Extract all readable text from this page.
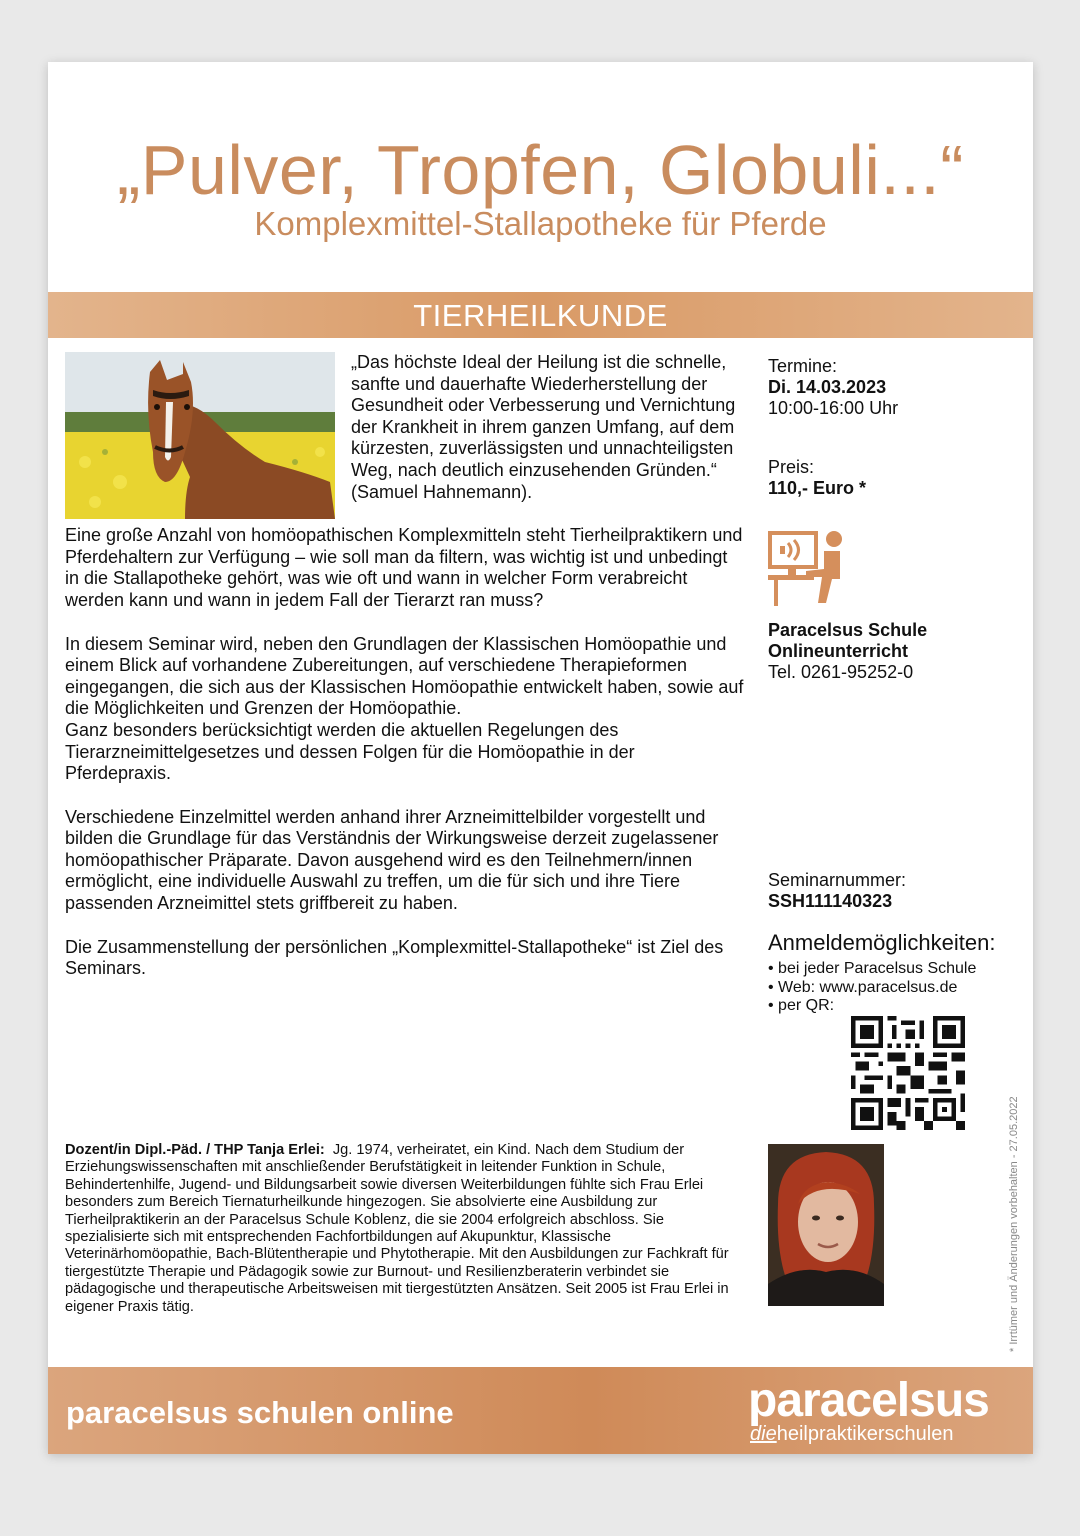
„Pulver, Tropfen, Globuli...“
Komplexmittel-Stallapotheke für Pferde
TIERHEILKUNDE

„Das höchste Ideal der Heilung ist die schnelle, sanfte und dauerhafte Wiederherstellung der Gesundheit oder Verbesserung und Vernichtung der Krankheit in ihrem ganzen Umfang, auf dem kürzesten, zuverlässigsten und unnachteiligsten Weg, nach deutlich einzusehenden Gründen.“ (Samuel Hahnemann).

Eine große Anzahl von homöopathischen Komplexmitteln steht Tierheilpraktikern und Pferdehaltern zur Verfügung – wie soll man da filtern, was wichtig ist und unbedingt in die Stallapotheke gehört, was wie oft und wann in welcher Form verabreicht werden kann und wann in jedem Fall der Tierarzt ran muss?

In diesem Seminar wird, neben den Grundlagen der Klassischen Homöopathie und einem Blick auf vorhandene Zubereitungen, auf verschiedene Therapieformen eingegangen, die sich aus der Klassischen Homöopathie entwickelt haben, sowie auf die Möglichkeiten und Grenzen der Homöopathie.

Ganz besonders berücksichtigt werden die aktuellen Regelungen des Tierarzneimittelgesetzes und dessen Folgen für die Homöopathie in der Pferdepraxis.

Verschiedene Einzelmittel werden anhand ihrer Arzneimittelbilder vorgestellt und bilden die Grundlage für das Verständnis der Wirkungsweise derzeit zugelassener homöopathischer Präparate. Davon ausgehend wird es den Teilnehmern/innen ermöglicht, eine individuelle Auswahl zu treffen, um die für sich und ihre Tiere passenden Arzneimittel stets griffbereit zu haben.

Die Zusammenstellung der persönlichen „Komplexmittel-Stallapotheke“ ist Ziel des Seminars.

Termine:
Di. 14.03.2023
10:00-16:00 Uhr
Preis:
110,- Euro *
Paracelsus Schule
Onlineunterricht
Tel. 0261-95252-0
Seminarnummer:
SSH111140323
Anmeldemöglichkeiten:
• bei jeder Paracelsus Schule
• Web: www.paracelsus.de
• per QR:
* Irrtümer und Änderungen vorbehalten - 27.05.2022
Dozent/in Dipl.-Päd. / THP Tanja Erlei: Jg. 1974, verheiratet, ein Kind. Nach dem Studium der Erziehungswissenschaften mit anschließender Berufstätigkeit in leitender Funktion in Schule, Behindertenhilfe, Jugend- und Bildungsarbeit sowie diversen Weiterbildungen fühlte sich Frau Erlei besonders zum Bereich Tiernaturheilkunde hingezogen. Sie absolvierte eine Ausbildung zur Tierheilpraktikerin an der Paracelsus Schule Koblenz, die sie 2004 erfolgreich abschloss. Sie spezialisierte sich mit entsprechenden Fachfortbildungen auf Akupunktur, Klassische Veterinärhomöopathie, Bach-Blütentherapie und Phytotherapie. Mit den Ausbildungen zur Fachkraft für tiergestützte Therapie und Pädagogik sowie zur Burnout- und Resilienzberaterin verbindet sie pädagogische und therapeutische Arbeitsweisen mit tiergestützten Ansätzen. Seit 2005 ist Frau Erlei in eigener Praxis tätig.
paracelsus schulen online	paracelsus
dieheilpraktikerschulen
